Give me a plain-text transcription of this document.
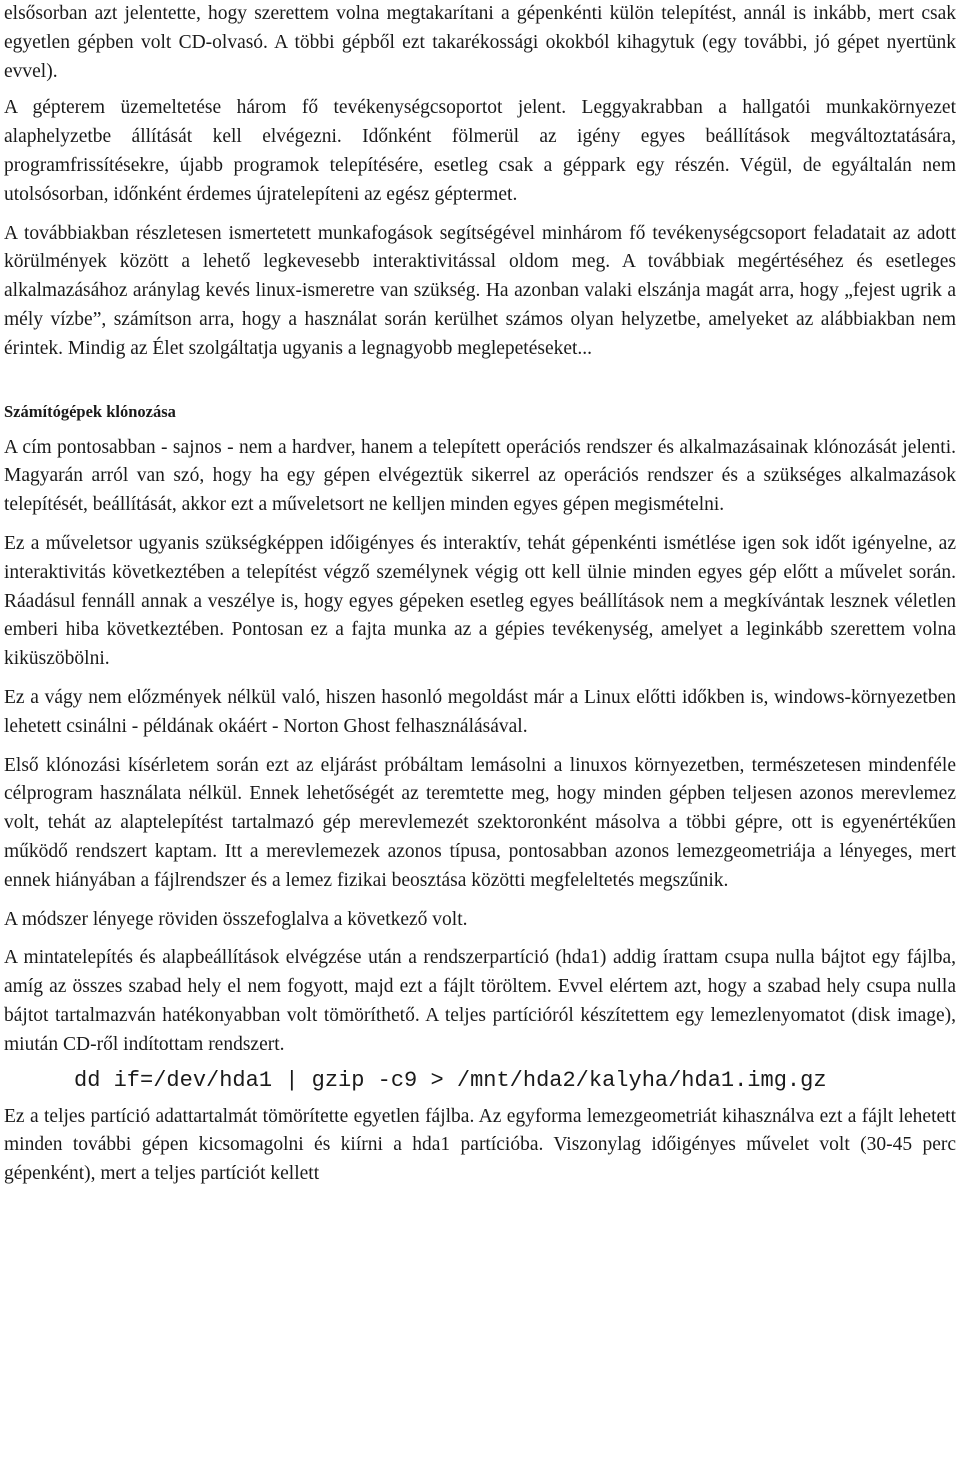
elsősorban azt jelentette, hogy szerettem volna megtakarítani a gépenkénti külön telepítést, annál is inkább, mert csak egyetlen gépben volt CD-olvasó. A többi gépből ezt takarékossági okokból kihagytuk (egy további, jó gépet nyertünk evvel).

A gépterem üzemeltetése három fő tevékenységcsoportot jelent. Leggyakrabban a hallgatói munkakörnyezet alaphelyzetbe állítását kell elvégezni. Időnként fölmerül az igény egyes beállítások megváltoztatására, programfrissítésekre, újabb programok telepítésére, esetleg csak a géppark egy részén. Végül, de egyáltalán nem utolsósorban, időnként érdemes újratelepíteni az egész géptermet.

A továbbiakban részletesen ismertetett munkafogások segítségével minhárom fő tevékenységcsoport feladatait az adott körülmények között a lehető legkevesebb interaktivitással oldom meg. A továbbiak megértéséhez és esetleges alkalmazásához aránylag kevés linux-ismeretre van szükség. Ha azonban valaki elszánja magát arra, hogy „fejest ugrik a mély vízbe”, számítson arra, hogy a használat során kerülhet számos olyan helyzetbe, amelyeket az alábbiakban nem érintek. Mindig az Élet szolgáltatja ugyanis a legnagyobb meglepetéseket...

Számítógépek klónozása

A cím pontosabban - sajnos - nem a hardver, hanem a telepített operációs rendszer és alkalmazásainak klónozását jelenti. Magyarán arról van szó, hogy ha egy gépen elvégeztük sikerrel az operációs rendszer és a szükséges alkalmazások telepítését, beállítását, akkor ezt a műveletsort ne kelljen minden egyes gépen megismételni.

Ez a műveletsor ugyanis szükségképpen időigényes és interaktív, tehát gépenkénti ismétlése igen sok időt igényelne, az interaktivitás következtében a telepítést végző személynek végig ott kell ülnie minden egyes gép előtt a művelet során. Ráadásul fennáll annak a veszélye is, hogy egyes gépeken esetleg egyes beállítások nem a megkívántak lesznek véletlen emberi hiba következtében. Pontosan ez a fajta munka az a gépies tevékenység, amelyet a leginkább szerettem volna kiküszöbölni.

Ez a vágy nem előzmények nélkül való, hiszen hasonló megoldást már a Linux előtti időkben is, windows-környezetben lehetett csinálni - példának okáért - Norton Ghost felhasználásával.

Első klónozási kísérletem során ezt az eljárást próbáltam lemásolni a linuxos környezetben, természetesen mindenféle célprogram használata nélkül. Ennek lehetőségét az teremtette meg, hogy minden gépben teljesen azonos merevlemez volt, tehát az alaptelepítést tartalmazó gép merevlemezét szektoronként másolva a többi gépre, ott is egyenértékűen működő rendszert kaptam. Itt a merevlemezek azonos típusa, pontosabban azonos lemezgeometriája a lényeges, mert ennek hiányában a fájlrendszer és a lemez fizikai beosztása közötti megfeleltetés megszűnik.

A módszer lényege röviden összefoglalva a következő volt.

A mintatelepítés és alapbeállítások elvégzése után a rendszerpartíció (hda1) addig írattam csupa nulla bájtot egy fájlba, amíg az összes szabad hely el nem fogyott, majd ezt a fájlt töröltem. Evvel elértem azt, hogy a szabad hely csupa nulla bájtot tartalmazván hatékonyabban volt tömöríthető. A teljes partícióról készítettem egy lemezlenyomatot (disk image), miután CD-ről indítottam rendszert.

dd if=/dev/hda1 | gzip -c9 > /mnt/hda2/kalyha/hda1.img.gz

Ez a teljes partíció adattartalmát tömörítette egyetlen fájlba. Az egyforma lemezgeometriát kihasználva ezt a fájlt lehetett minden további gépen kicsomagolni és kiírni a hda1 partícióba. Viszonylag időigényes művelet volt (30-45 perc gépenként), mert a teljes partíciót kellett
